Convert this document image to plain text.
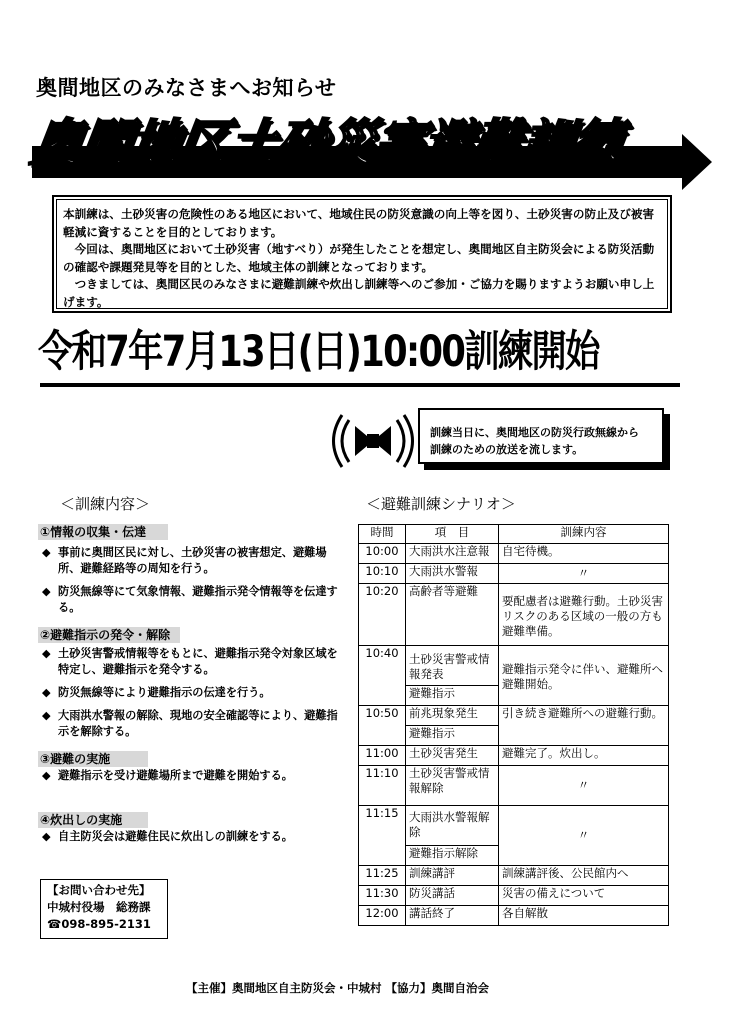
奥間地区のみなさまへお知らせ
奥間地区土砂災害避難訓練

本訓練は、土砂災害の危険性のある地区において、地域住民の防災意識の向上等を図り、土砂災害の防止及び被害軽減に資することを目的としております。

　今回は、奥間地区において土砂災害（地すべり）が発生したことを想定し、奥間地区自主防災会による防災活動の確認や課題発見等を目的とした、地域主体の訓練となっております。

　つきましては、奥間区民のみなさまに避難訓練や炊出し訓練等へのご参加・ご協力を賜りますようお願い申し上げます。

令和7年7月13日(日)10:00訓練開始
訓練当日に、奥間地区の防災行政無線から
訓練のための放送を流します。
＜訓練内容＞	＜避難訓練シナリオ＞
①情報の収集・伝達
◆ 事前に奥間区民に対し、土砂災害の被害想定、避難場所、避難経路等の周知を行う。
◆ 防災無線等にて気象情報、避難指示発令情報等を伝達する。
②避難指示の発令・解除
◆ 土砂災害警戒情報等をもとに、避難指示発令対象区域を特定し、避難指示を発令する。
◆ 防災無線等により避難指示の伝達を行う。
◆ 大雨洪水警報の解除、現地の安全確認等により、避難指示を解除する。
③避難の実施
◆ 避難指示を受け避難場所まで避難を開始する。
④炊出しの実施
◆ 自主防災会は避難住民に炊出しの訓練をする。
【お問い合わせ先】
中城村役場　総務課
☎098-895-2131
時間	項　目	訓練内容
10:00	大雨洪水注意報	自宅待機。
10:10	大雨洪水警報	〃
10:20	高齢者等避難	要配慮者は避難行動。土砂災害リスクのある区域の一般の方も避難準備。
10:40	土砂災害警戒情報発表	避難指示発令に伴い、避難所へ避難開始。
	避難指示	
10:50	前兆現象発生	引き続き避難所への避難行動。
	避難指示	
11:00	土砂災害発生	避難完了。炊出し。
11:10	土砂災害警戒情報解除	〃
11:15	大雨洪水警報解除	〃
	避難指示解除	
11:25	訓練講評	訓練講評後、公民館内へ
11:30	防災講話	災害の備えについて
12:00	講話終了	各自解散
【主催】奥間地区自主防災会・中城村 【協力】奥間自治会
